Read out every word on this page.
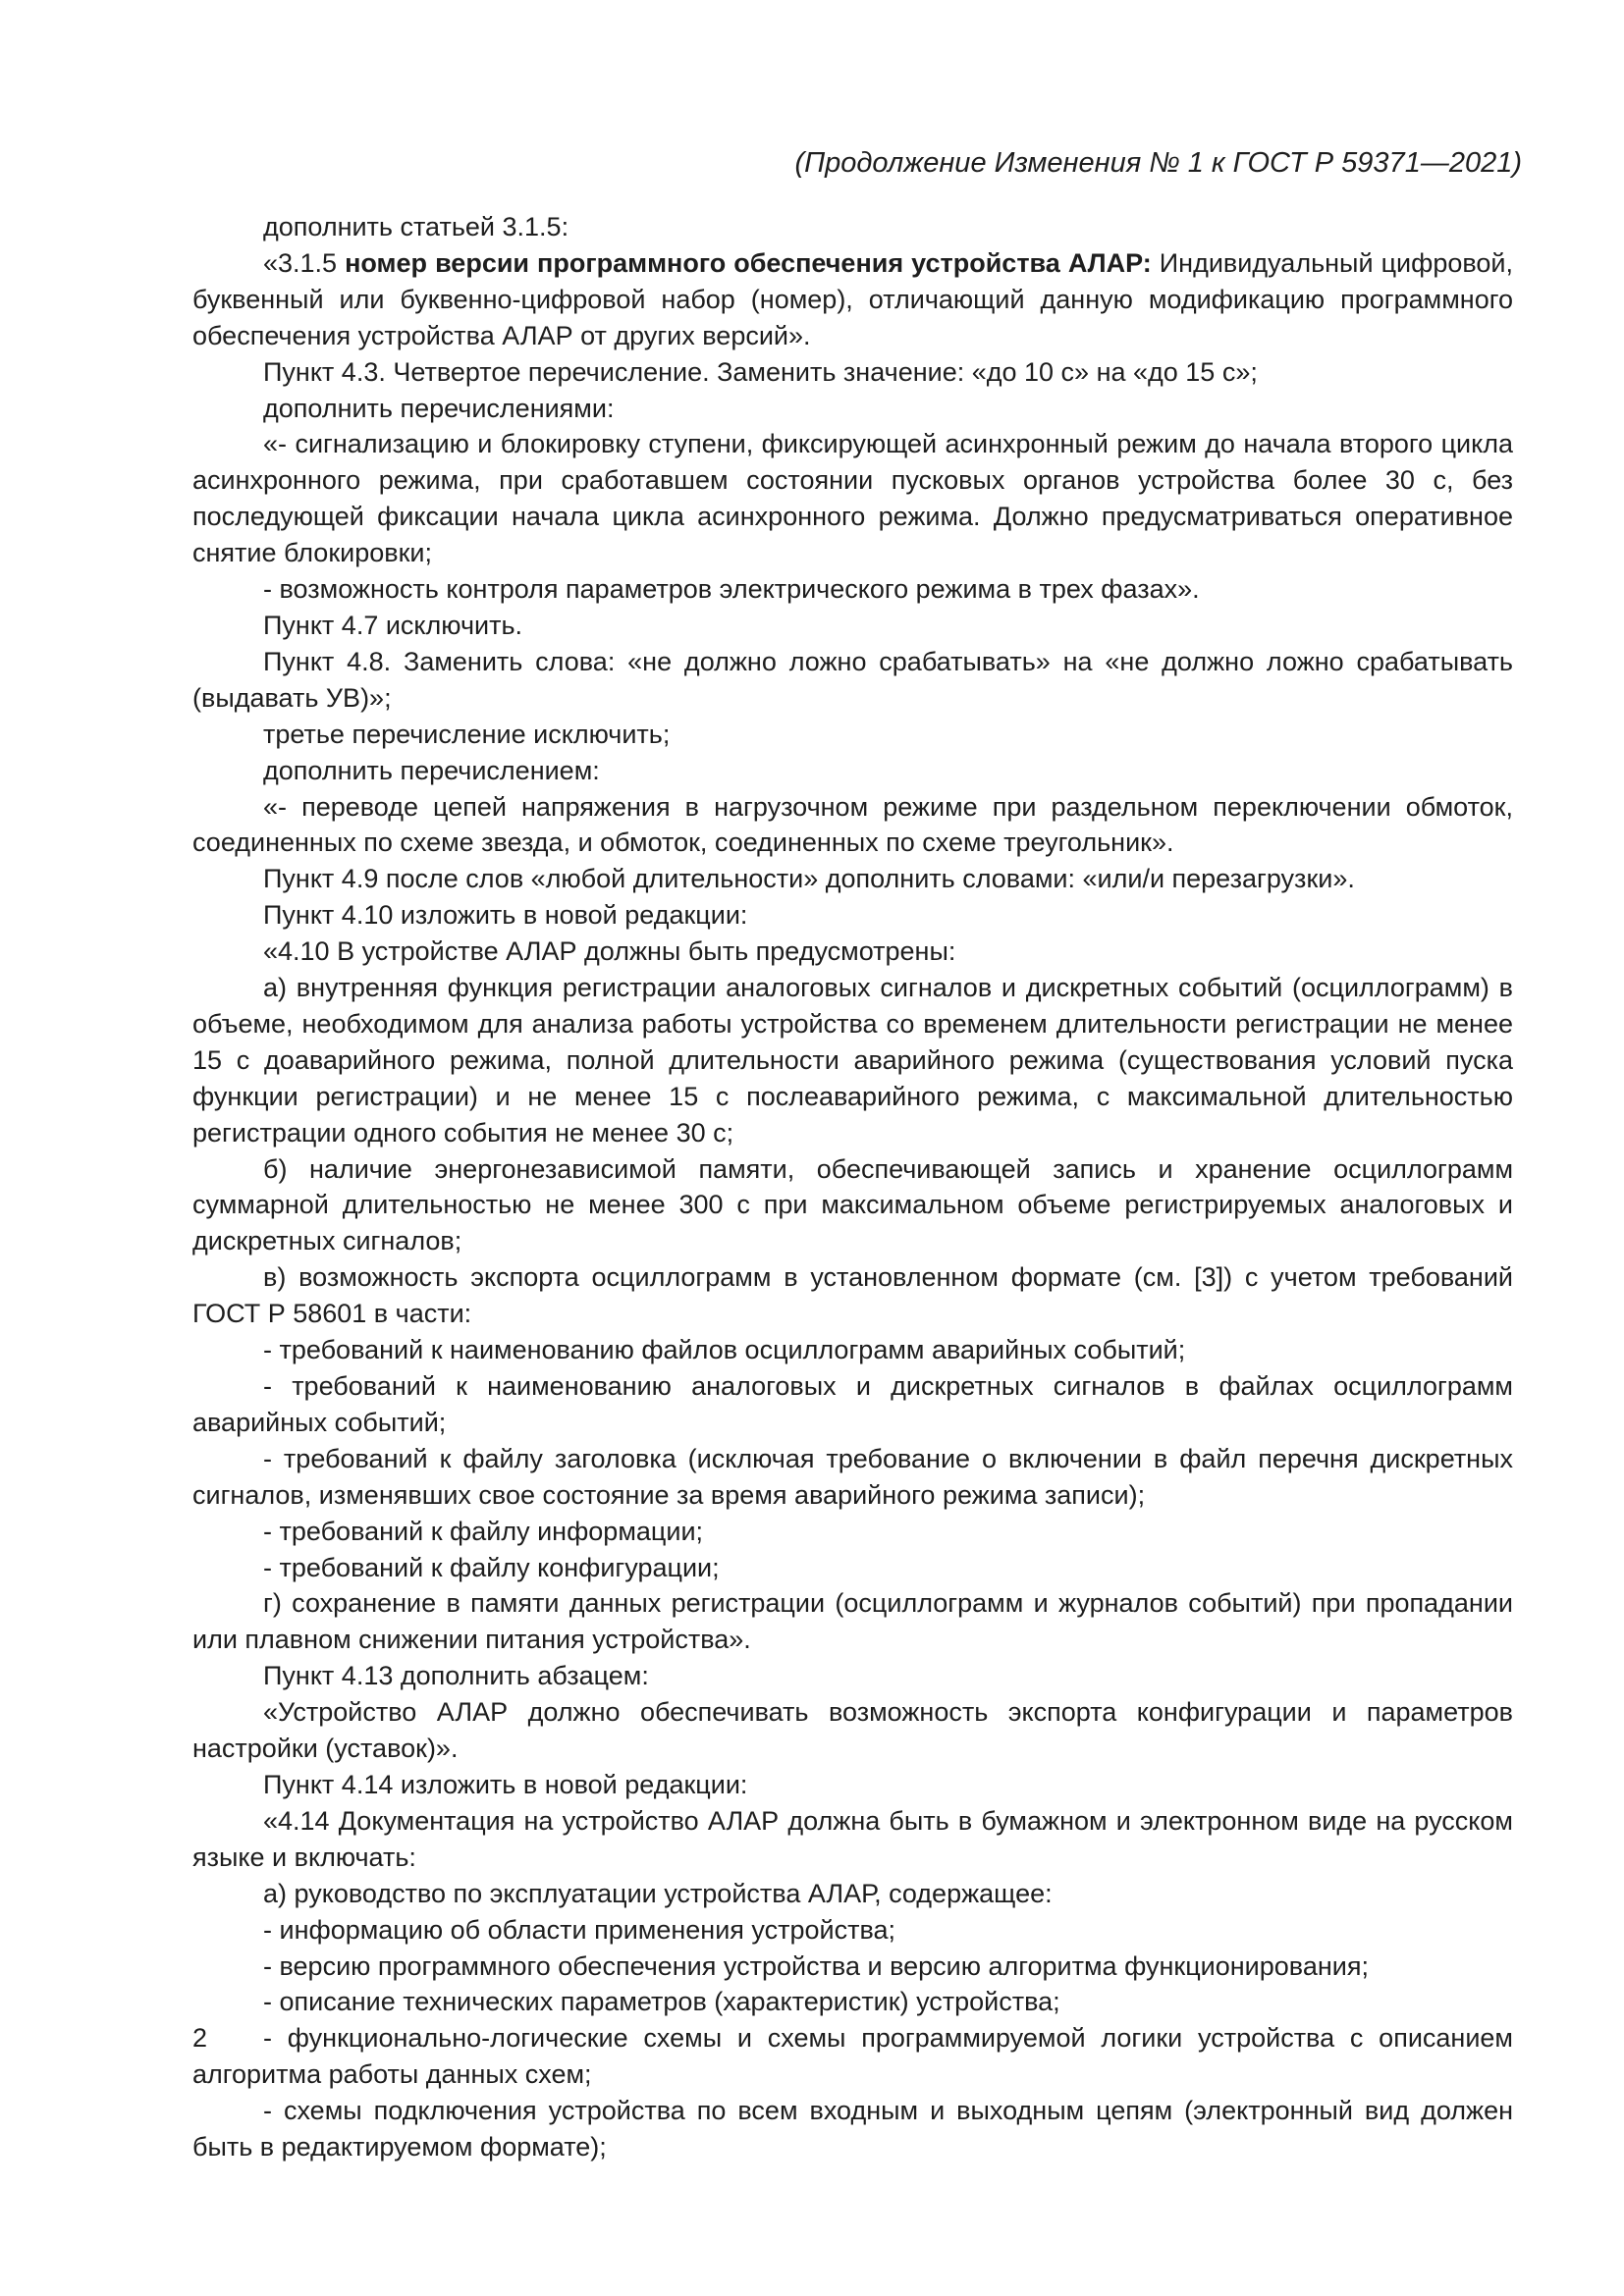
(Продолжение Изменения № 1 к ГОСТ Р 59371—2021)

дополнить статьей 3.1.5:

«3.1.5 номер версии программного обеспечения устройства АЛАР: Индивидуальный цифровой, буквенный или буквенно-цифровой набор (номер), отличающий данную модификацию программного обеспечения устройства АЛАР от других версий».

Пункт 4.3. Четвертое перечисление. Заменить значение: «до 10 с» на «до 15 с»;

дополнить перечислениями:

«- сигнализацию и блокировку ступени, фиксирующей асинхронный режим до начала второго цикла асинхронного режима, при сработавшем состоянии пусковых органов устройства более 30 с, без последующей фиксации начала цикла асинхронного режима. Должно предусматриваться оперативное снятие блокировки;

- возможность контроля параметров электрического режима в трех фазах».

Пункт 4.7 исключить.

Пункт 4.8. Заменить слова: «не должно ложно срабатывать» на «не должно ложно срабатывать (выдавать УВ)»;

третье перечисление исключить;

дополнить перечислением:

«- переводе цепей напряжения в нагрузочном режиме при раздельном переключении обмоток, соединенных по схеме звезда, и обмоток, соединенных по схеме треугольник».

Пункт 4.9 после слов «любой длительности» дополнить словами: «или/и перезагрузки».

Пункт 4.10 изложить в новой редакции:

«4.10 В устройстве АЛАР должны быть предусмотрены:

а) внутренняя функция регистрации аналоговых сигналов и дискретных событий (осциллограмм) в объеме, необходимом для анализа работы устройства со временем длительности регистрации не менее 15 с доаварийного режима, полной длительности аварийного режима (существования условий пуска функции регистрации) и не менее 15 с послеаварийного режима, с максимальной длительностью регистрации одного события не менее 30 с;

б) наличие энергонезависимой памяти, обеспечивающей запись и хранение осциллограмм суммарной длительностью не менее 300 с при максимальном объеме регистрируемых аналоговых и дискретных сигналов;

в) возможность экспорта осциллограмм в установленном формате (см. [3]) с учетом требований ГОСТ Р 58601 в части:

- требований к наименованию файлов осциллограмм аварийных событий;

- требований к наименованию аналоговых и дискретных сигналов в файлах осциллограмм аварийных событий;

- требований к файлу заголовка (исключая требование о включении в файл перечня дискретных сигналов, изменявших свое состояние за время аварийного режима записи);

- требований к файлу информации;

- требований к файлу конфигурации;

г) сохранение в памяти данных регистрации (осциллограмм и журналов событий) при пропадании или плавном снижении питания устройства».

Пункт 4.13 дополнить абзацем:

«Устройство АЛАР должно обеспечивать возможность экспорта конфигурации и параметров настройки (уставок)».

Пункт 4.14 изложить в новой редакции:

«4.14 Документация на устройство АЛАР должна быть в бумажном и электронном виде на русском языке и включать:

а) руководство по эксплуатации устройства АЛАР, содержащее:

- информацию об области применения устройства;

- версию программного обеспечения устройства и версию алгоритма функционирования;

- описание технических параметров (характеристик) устройства;

- функционально-логические схемы и схемы программируемой логики устройства с описанием алгоритма работы данных схем;

- схемы подключения устройства по всем входным и выходным цепям (электронный вид должен быть в редактируемом формате);

2
